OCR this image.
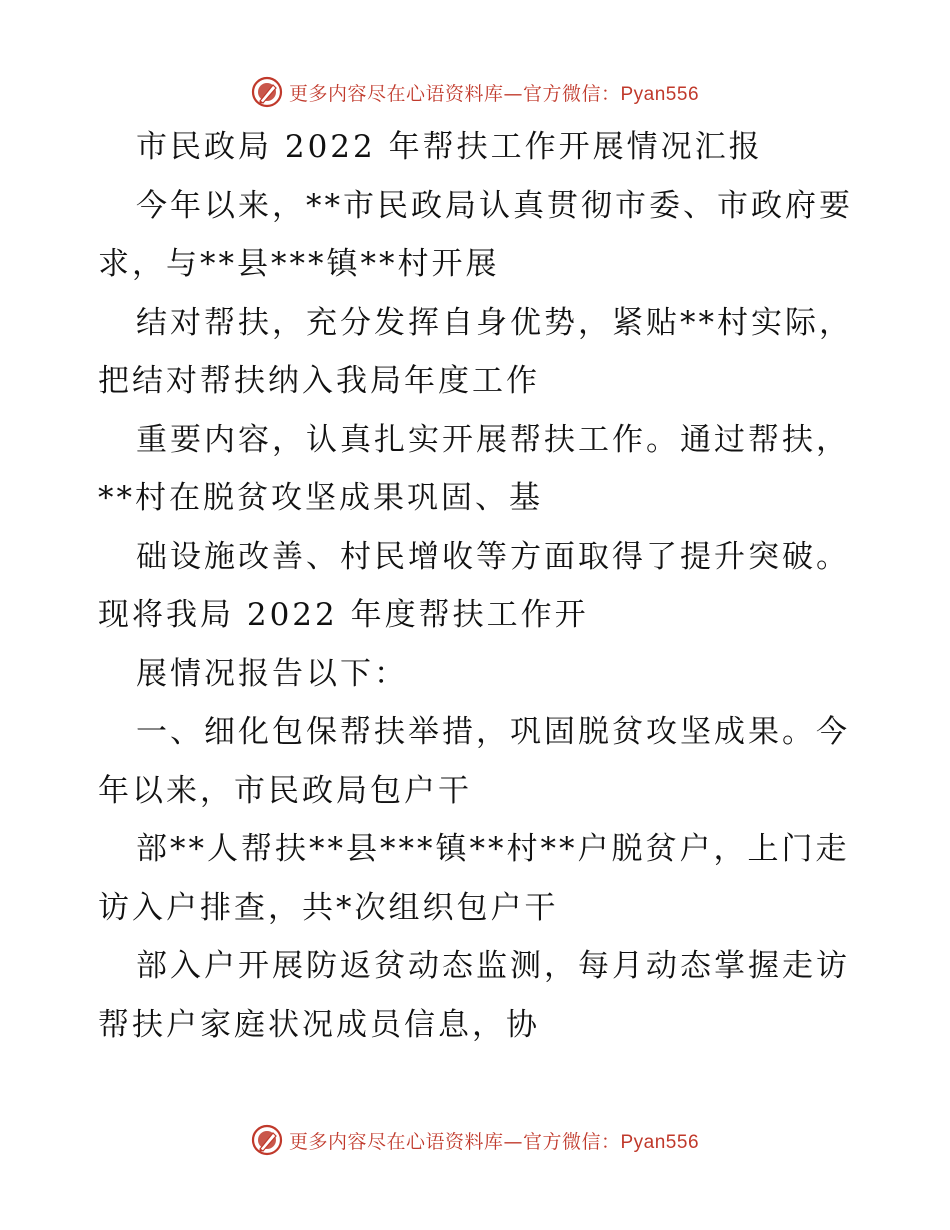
更多内容尽在心语资料库—官方微信：Pyan556
市民政局 2022 年帮扶工作开展情况汇报
今年以来，**市民政局认真贯彻市委、市政府要
求，与**县***镇**村开展
结对帮扶，充分发挥自身优势，紧贴**村实际，
把结对帮扶纳入我局年度工作
重要内容，认真扎实开展帮扶工作。通过帮扶，
**村在脱贫攻坚成果巩固、基
础设施改善、村民增收等方面取得了提升突破。
现将我局 2022 年度帮扶工作开
展情况报告以下：
一、细化包保帮扶举措，巩固脱贫攻坚成果。今
年以来，市民政局包户干
部**人帮扶**县***镇**村**户脱贫户，上门走
访入户排查，共*次组织包户干
部入户开展防返贫动态监测，每月动态掌握走访
帮扶户家庭状况成员信息，协
更多内容尽在心语资料库—官方微信：Pyan556
